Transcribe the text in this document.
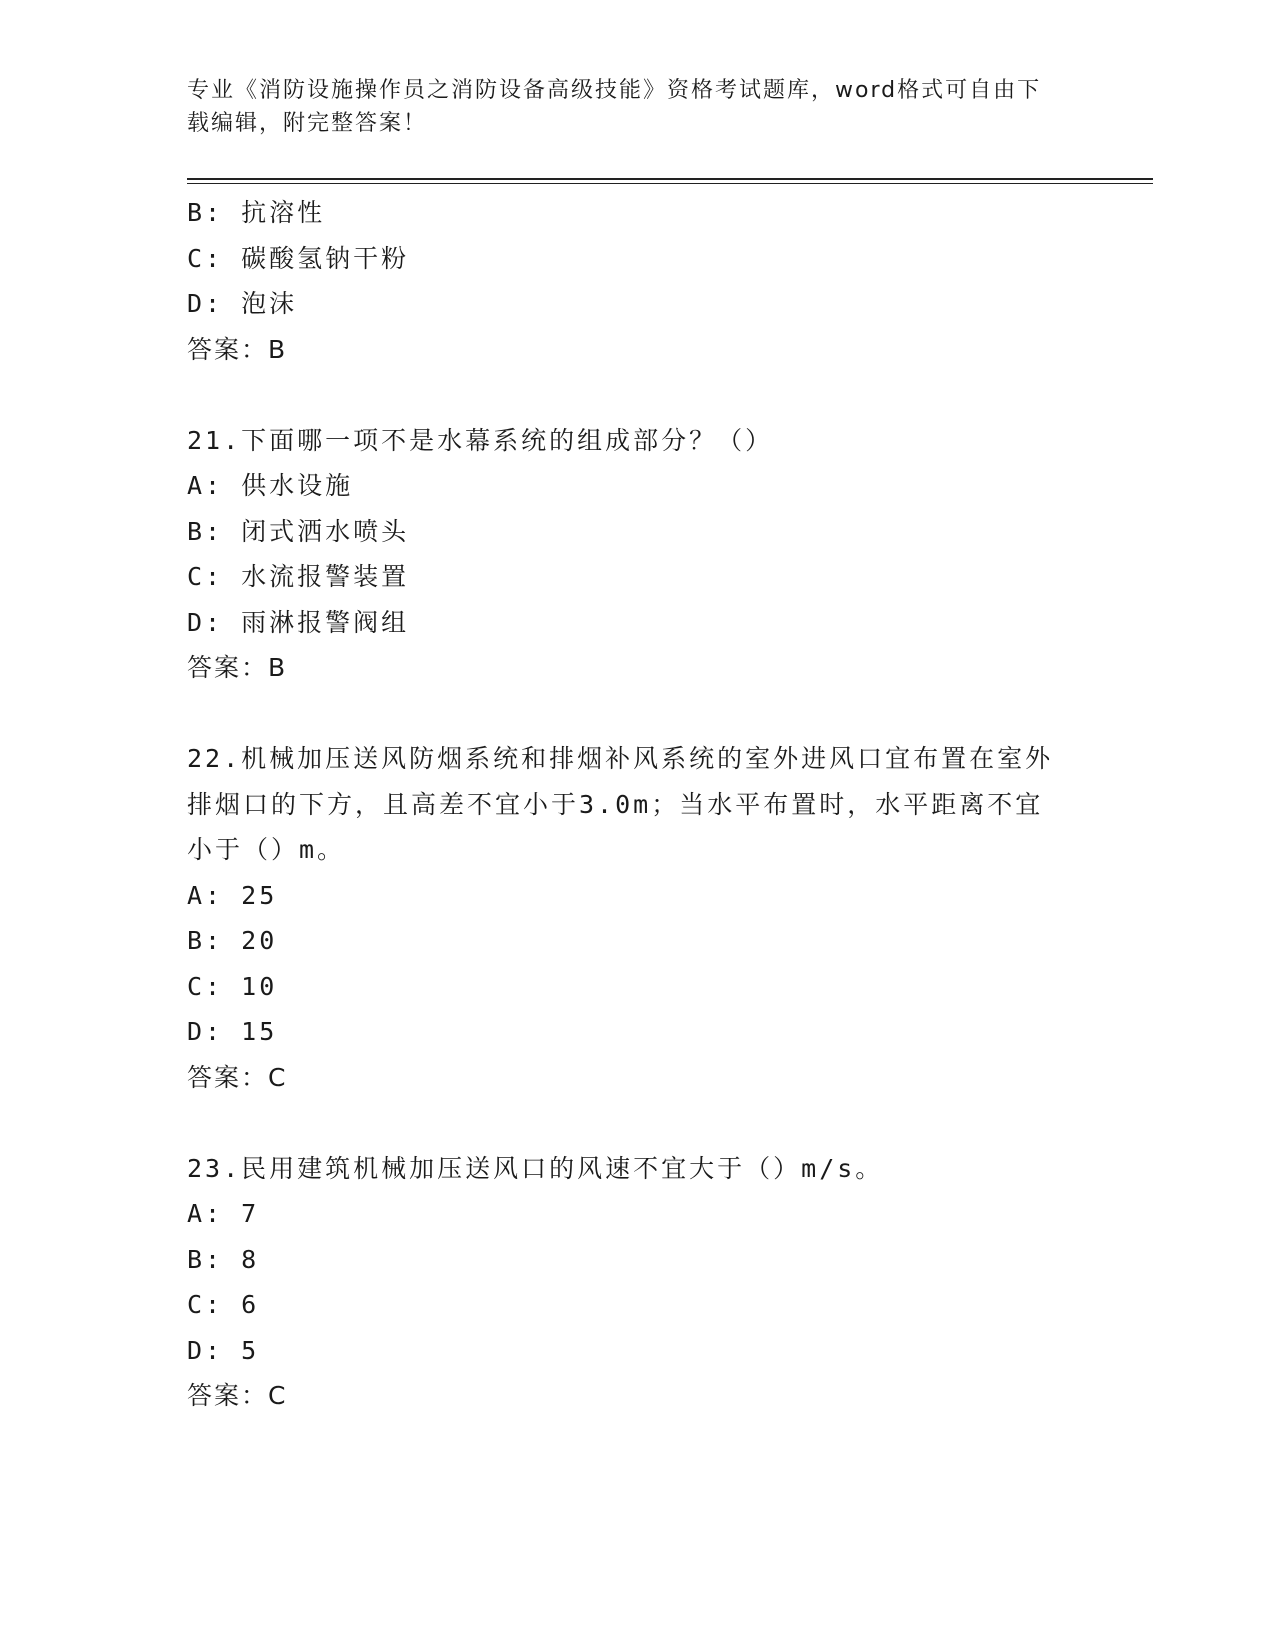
专业《消防设施操作员之消防设备高级技能》资格考试题库，word格式可自由下
载编辑，附完整答案！
B: 抗溶性
C: 碳酸氢钠干粉
D: 泡沫
答案：B
21.下面哪一项不是水幕系统的组成部分？（）
A: 供水设施
B: 闭式洒水喷头
C: 水流报警装置
D: 雨淋报警阀组
答案：B
22.机械加压送风防烟系统和排烟补风系统的室外进风口宜布置在室外
排烟口的下方，且高差不宜小于3.0m；当水平布置时，水平距离不宜
小于（）m。
A: 25
B: 20
C: 10
D: 15
答案：C
23.民用建筑机械加压送风口的风速不宜大于（）m/s。
A: 7
B: 8
C: 6
D: 5
答案：C
